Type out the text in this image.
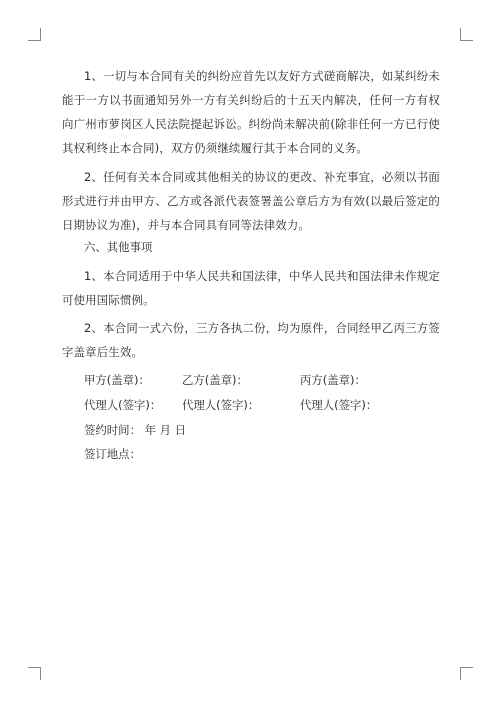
1、一切与本合同有关的纠纷应首先以友好方式磋商解决，如某纠纷未能于一方以书面通知另外一方有关纠纷后的十五天内解决，任何一方有权向广州市萝岗区人民法院提起诉讼。纠纷尚未解决前(除非任何一方已行使其权利终止本合同)，双方仍须继续履行其于本合同的义务。

2、任何有关本合同或其他相关的协议的更改、补充事宜，必须以书面形式进行并由甲方、乙方或各派代表签署盖公章后方为有效(以最后签定的日期协议为准)，并与本合同具有同等法律效力。

六、其他事项

1、本合同适用于中华人民共和国法律，中华人民共和国法律未作规定可使用国际惯例。

2、本合同一式六份，三方各执二份，均为原件，合同经甲乙丙三方签字盖章后生效。

甲方(盖章)：	乙方(盖章)：	丙方(盖章)：
代理人(签字)： 代理人(签字)：	代理人(签字)：
签约时间： 年 月 日
签订地点：
